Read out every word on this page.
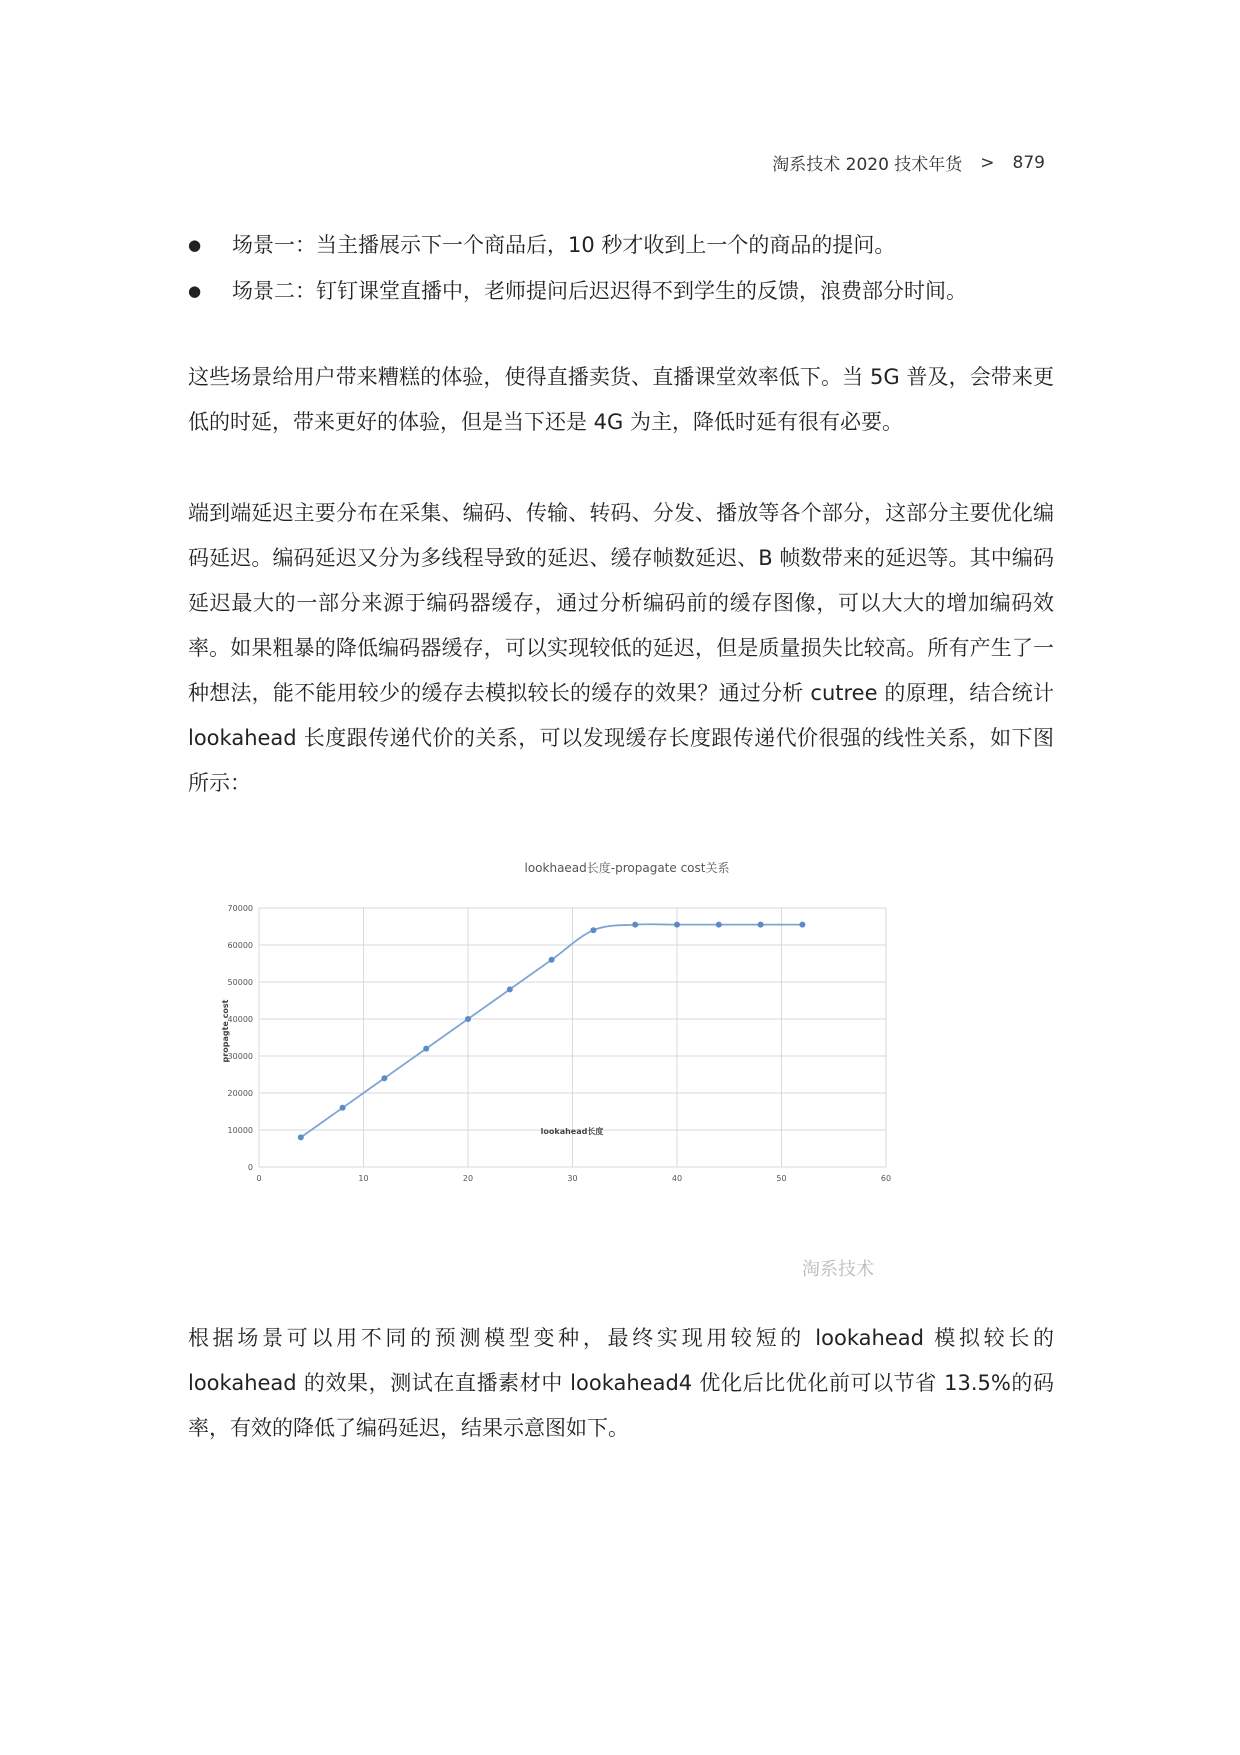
淘系技术 2020 技术年货 > 879
●	场景一：当主播展示下一个商品后，10 秒才收到上一个的商品的提问。
●	场景二：钉钉课堂直播中，老师提问后迟迟得不到学生的反馈，浪费部分时间。

这些场景给用户带来糟糕的体验，使得直播卖货、直播课堂效率低下。当 5G 普及，会带来更低的时延，带来更好的体验，但是当下还是 4G 为主，降低时延有很有必要。

端到端延迟主要分布在采集、编码、传输、转码、分发、播放等各个部分，这部分主要优化编码延迟。编码延迟又分为多线程导致的延迟、缓存帧数延迟、B 帧数带来的延迟等。其中编码延迟最大的一部分来源于编码器缓存，通过分析编码前的缓存图像，可以大大的增加编码效率。如果粗暴的降低编码器缓存，可以实现较低的延迟，但是质量损失比较高。所有产生了一种想法，能不能用较少的缓存去模拟较长的缓存的效果？通过分析 cutree 的原理，结合统计 lookahead 长度跟传递代价的关系，可以发现缓存长度跟传递代价很强的线性关系，如下图所示：

lookhaead长度-propagate cost关系
0
10000
20000
30000
40000
50000
60000
70000
0	10	20	30	40	50	60
lookahead长度
propagte cost
淘系技术

根据场景可以用不同的预测模型变种，最终实现用较短的 lookahead 模拟较长的 lookahead 的效果，测试在直播素材中 lookahead4 优化后比优化前可以节省 13.5%的码率，有效的降低了编码延迟，结果示意图如下。
